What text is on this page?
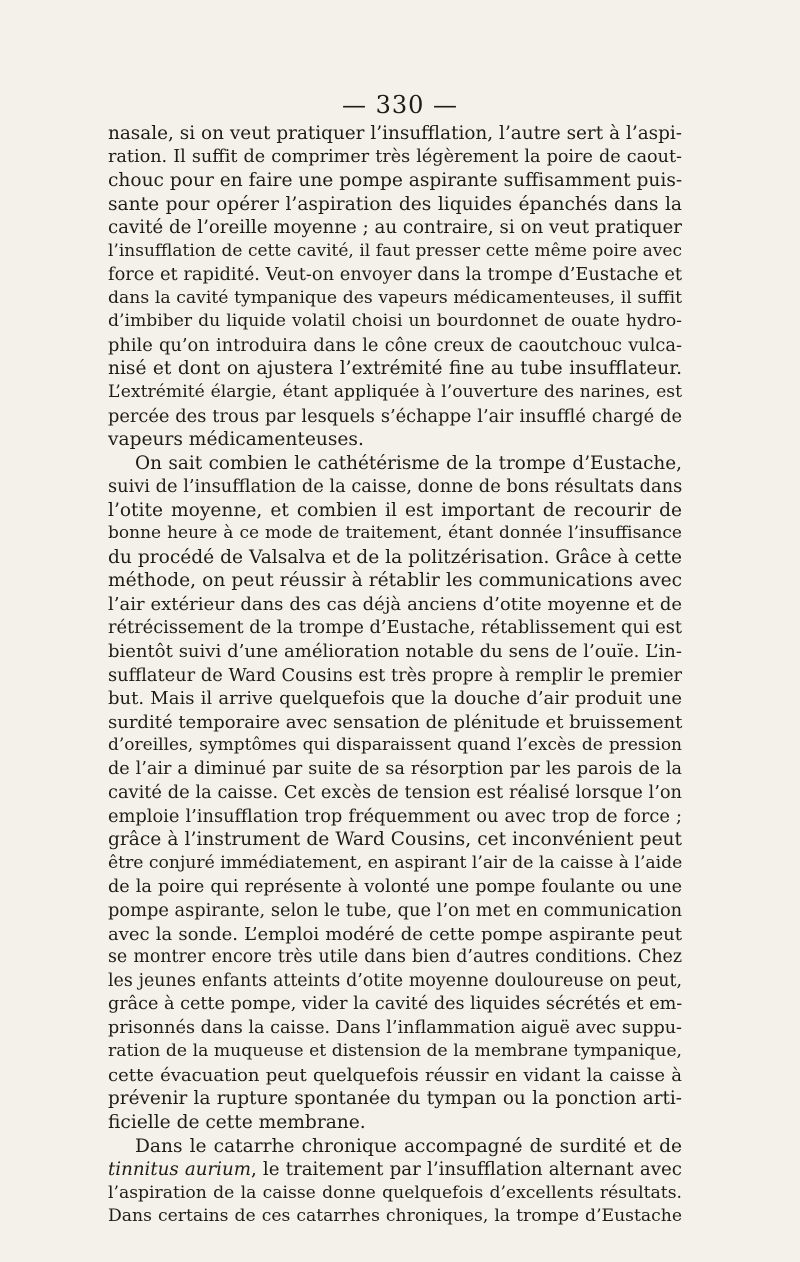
— 330 —
nasale, si on veut pratiquer l’insufflation, l’autre sert à l’aspi-
ration. Il suffit de comprimer très légèrement la poire de caout-
chouc pour en faire une pompe aspirante suffisamment puis-
sante pour opérer l’aspiration des liquides épanchés dans la
cavité de l’oreille moyenne ; au contraire, si on veut pratiquer
l’insufflation de cette cavité, il faut presser cette même poire avec
force et rapidité. Veut-on envoyer dans la trompe d’Eustache et
dans la cavité tympanique des vapeurs médicamenteuses, il suffit
d’imbiber du liquide volatil choisi un bourdonnet de ouate hydro-
phile qu’on introduira dans le cône creux de caoutchouc vulca-
nisé et dont on ajustera l’extrémité fine au tube insufflateur.
L’extrémité élargie, étant appliquée à l’ouverture des narines, est
percée des trous par lesquels s’échappe l’air insufflé chargé de
vapeurs médicamenteuses.
On sait combien le cathétérisme de la trompe d’Eustache,
suivi de l’insufflation de la caisse, donne de bons résultats dans
l’otite moyenne, et combien il est important de recourir de
bonne heure à ce mode de traitement, étant donnée l’insuffisance
du procédé de Valsalva et de la politzérisation. Grâce à cette
méthode, on peut réussir à rétablir les communications avec
l’air extérieur dans des cas déjà anciens d’otite moyenne et de
rétrécissement de la trompe d’Eustache, rétablissement qui est
bientôt suivi d’une amélioration notable du sens de l’ouïe. L’in-
sufflateur de Ward Cousins est très propre à remplir le premier
but. Mais il arrive quelquefois que la douche d’air produit une
surdité temporaire avec sensation de plénitude et bruissement
d’oreilles, symptômes qui disparaissent quand l’excès de pression
de l’air a diminué par suite de sa résorption par les parois de la
cavité de la caisse. Cet excès de tension est réalisé lorsque l’on
emploie l’insufflation trop fréquemment ou avec trop de force ;
grâce à l’instrument de Ward Cousins, cet inconvénient peut
être conjuré immédiatement, en aspirant l’air de la caisse à l’aide
de la poire qui représente à volonté une pompe foulante ou une
pompe aspirante, selon le tube, que l’on met en communication
avec la sonde. L’emploi modéré de cette pompe aspirante peut
se montrer encore très utile dans bien d’autres conditions. Chez
les jeunes enfants atteints d’otite moyenne douloureuse on peut,
grâce à cette pompe, vider la cavité des liquides sécrétés et em-
prisonnés dans la caisse. Dans l’inflammation aiguë avec suppu-
ration de la muqueuse et distension de la membrane tympanique,
cette évacuation peut quelquefois réussir en vidant la caisse à
prévenir la rupture spontanée du tympan ou la ponction arti-
ficielle de cette membrane.
Dans le catarrhe chronique accompagné de surdité et de
tinnitus aurium, le traitement par l’insufflation alternant avec
l’aspiration de la caisse donne quelquefois d’excellents résultats.
Dans certains de ces catarrhes chroniques, la trompe d’Eustache
